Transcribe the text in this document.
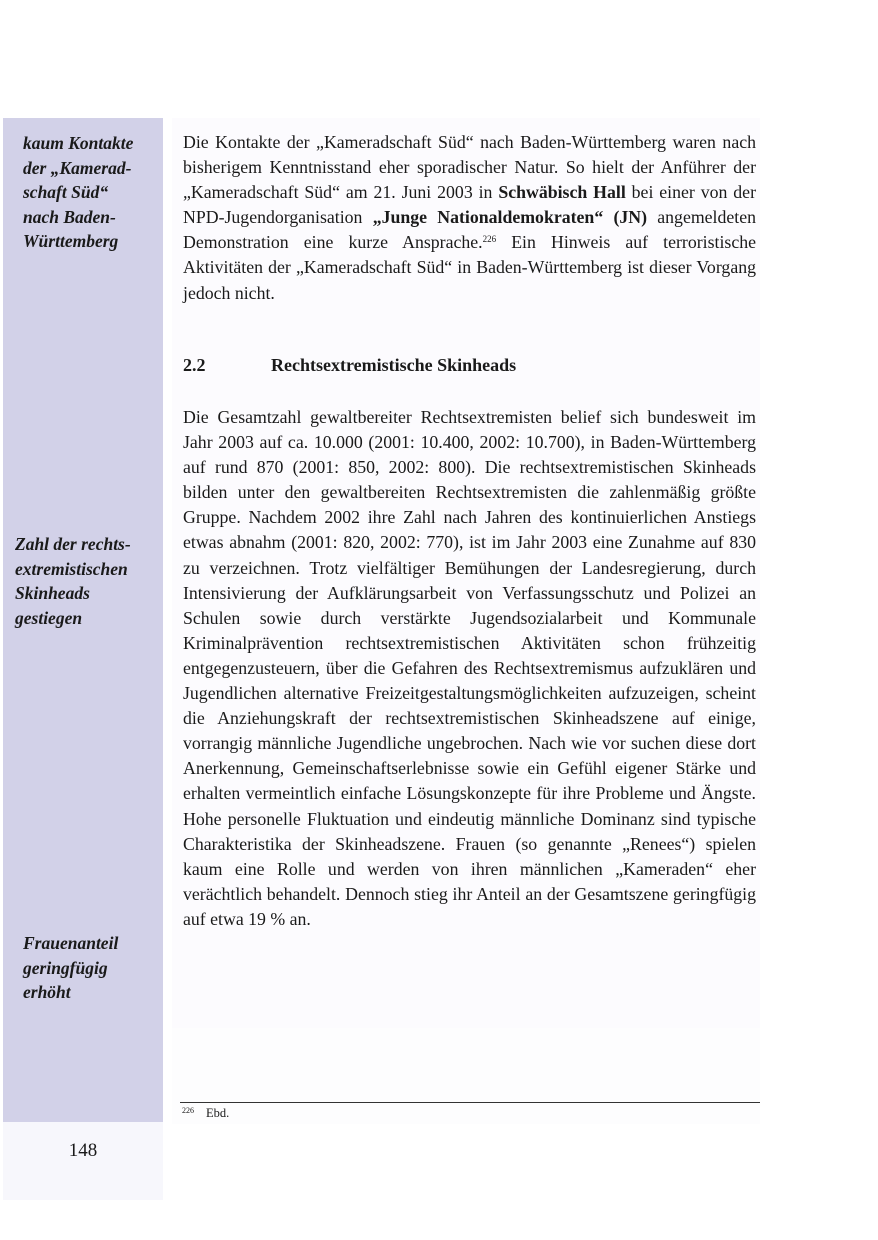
kaum Kontakte
der „Kamerad-
schaft Süd“
nach Baden-
Württemberg
Zahl der rechts-
extremistischen
Skinheads
gestiegen
Frauenanteil
geringfügig
erhöht
148
Die Kontakte der „Kameradschaft Süd“ nach Baden-Württemberg waren nach bisherigem Kenntnisstand eher sporadischer Natur. So hielt der Anführer der „Kameradschaft Süd“ am 21. Juni 2003 in Schwäbisch Hall bei einer von der NPD-Jugendorganisation „Junge Nationaldemokraten“ (JN) angemeldeten Demonstration eine kurze Ansprache.$^{226}$ Ein Hinweis auf terroristische Aktivitäten der „Kameradschaft Süd“ in Baden-Württemberg ist dieser Vorgang jedoch nicht.
2.2	Rechtsextremistische Skinheads
Die Gesamtzahl gewaltbereiter Rechtsextremisten belief sich bundesweit im Jahr 2003 auf ca. 10.000 (2001: 10.400, 2002: 10.700), in Baden-Württemberg auf rund 870 (2001: 850, 2002: 800). Die rechtsextremistischen Skinheads bilden unter den gewaltbereiten Rechtsextremisten die zahlenmäßig größte Gruppe. Nachdem 2002 ihre Zahl nach Jahren des kontinuierlichen Anstiegs etwas abnahm (2001: 820, 2002: 770), ist im Jahr 2003 eine Zunahme auf 830 zu verzeichnen. Trotz vielfältiger Bemühungen der Landesregierung, durch Intensivierung der Aufklärungsarbeit von Verfassungsschutz und Polizei an Schulen sowie durch verstärkte Jugendsozialarbeit und Kommunale Kriminalprävention rechtsextremistischen Aktivitäten schon frühzeitig entgegenzusteuern, über die Gefahren des Rechtsextremismus aufzuklären und Jugendlichen alternative Freizeitgestaltungsmöglichkeiten aufzuzeigen, scheint die Anziehungskraft der rechtsextremistischen Skinheadszene auf einige, vorrangig männliche Jugendliche ungebrochen. Nach wie vor suchen diese dort Anerkennung, Gemeinschaftserlebnisse sowie ein Gefühl eigener Stärke und erhalten vermeintlich einfache Lösungskonzepte für ihre Probleme und Ängste. Hohe personelle Fluktuation und eindeutig männliche Dominanz sind typische Charakteristika der Skinheadszene. Frauen (so genannte „Renees“) spielen kaum eine Rolle und werden von ihren männlichen „Kameraden“ eher verächtlich behandelt. Dennoch stieg ihr Anteil an der Gesamtszene geringfügig auf etwa 19 % an.
$^{226}$ Ebd.
